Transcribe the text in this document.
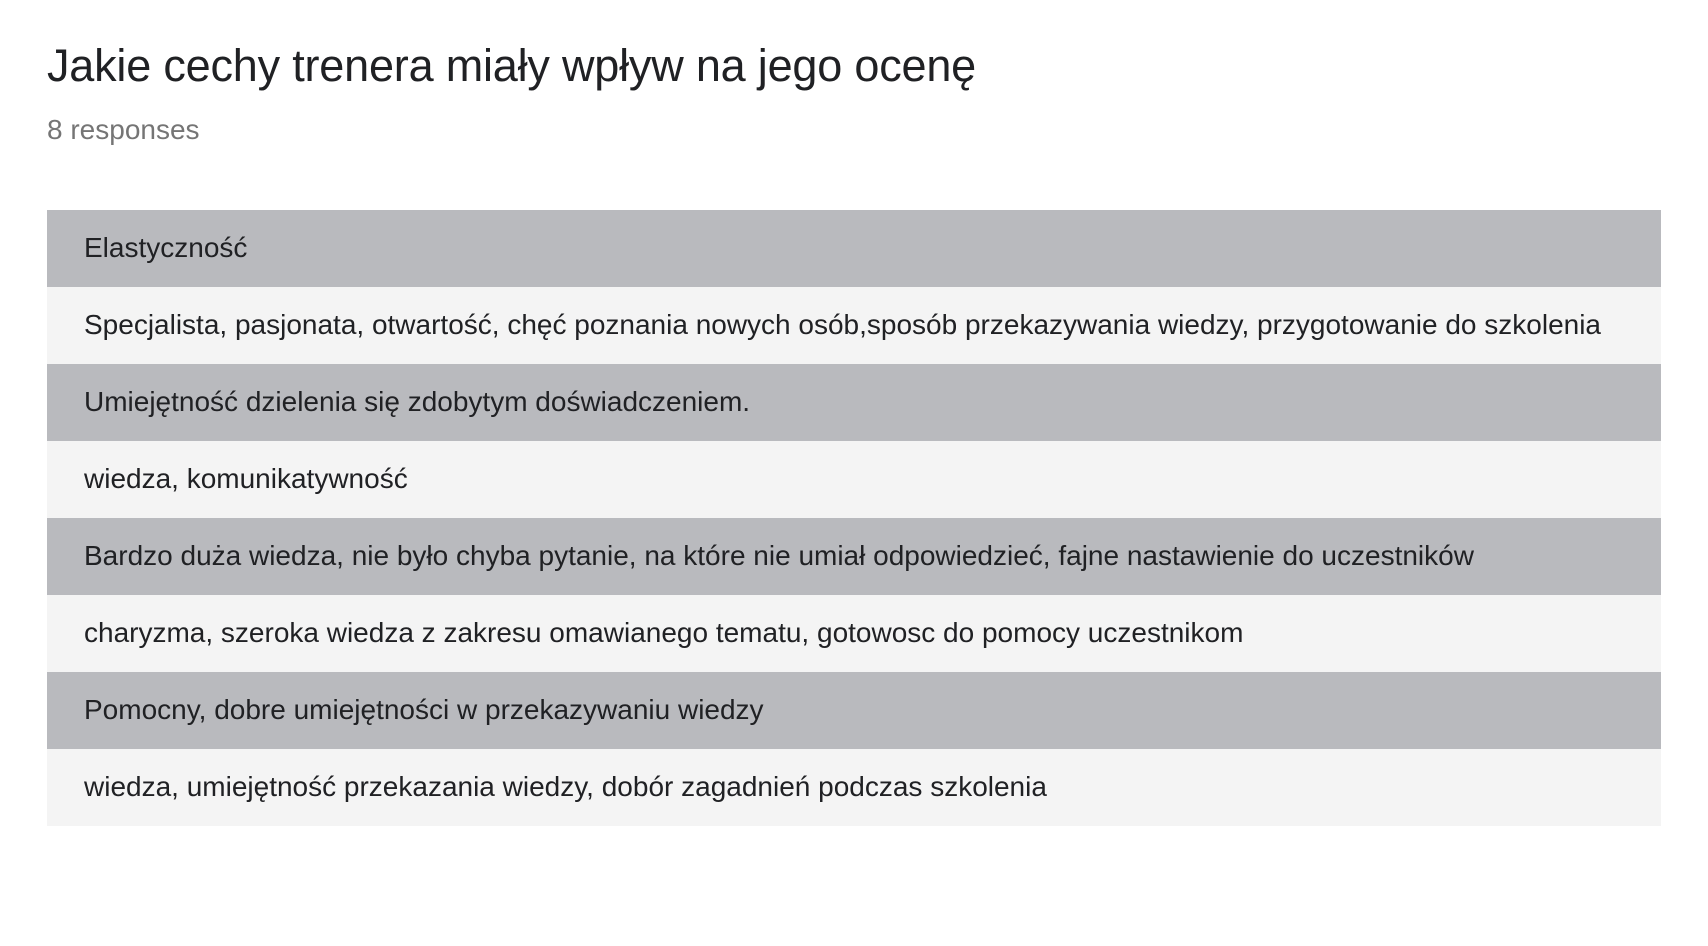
Jakie cechy trenera miały wpływ na jego ocenę
8 responses
Elastyczność
Specjalista, pasjonata, otwartość, chęć poznania nowych osób,sposób przekazywania wiedzy, przygotowanie do szkolenia
Umiejętność dzielenia się zdobytym doświadczeniem.
wiedza, komunikatywność
Bardzo duża wiedza, nie było chyba pytanie, na które nie umiał odpowiedzieć, fajne nastawienie do uczestników
charyzma, szeroka wiedza z zakresu omawianego tematu, gotowosc do pomocy uczestnikom
Pomocny, dobre umiejętności w przekazywaniu wiedzy
wiedza, umiejętność przekazania wiedzy, dobór zagadnień podczas szkolenia
